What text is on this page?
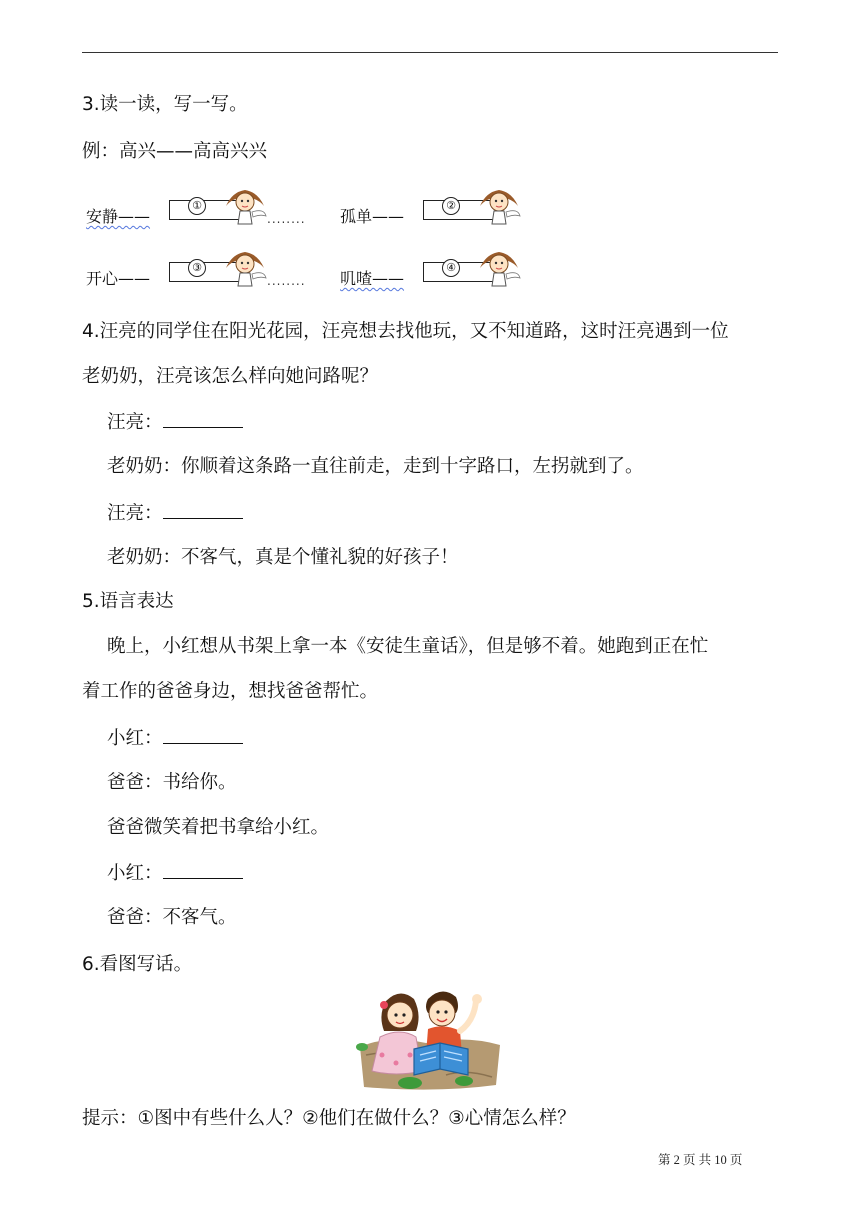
3.读一读，写一写。
例：高兴——高高兴兴
安静——
①
........ 孤单——
②
开心——
③
........ 叽喳——
④
4.汪亮的同学住在阳光花园，汪亮想去找他玩，又不知道路，这时汪亮遇到一位
老奶奶，汪亮该怎么样向她问路呢？
汪亮：
老奶奶：你顺着这条路一直往前走，走到十字路口，左拐就到了。
汪亮：
老奶奶：不客气，真是个懂礼貌的好孩子！
5.语言表达
晚上，小红想从书架上拿一本《安徒生童话》，但是够不着。她跑到正在忙
着工作的爸爸身边，想找爸爸帮忙。
小红：
爸爸：书给你。
爸爸微笑着把书拿给小红。
小红：
爸爸：不客气。
6.看图写话。
提示：①图中有些什么人？②他们在做什么？③心情怎么样？
第 2 页 共 10 页
